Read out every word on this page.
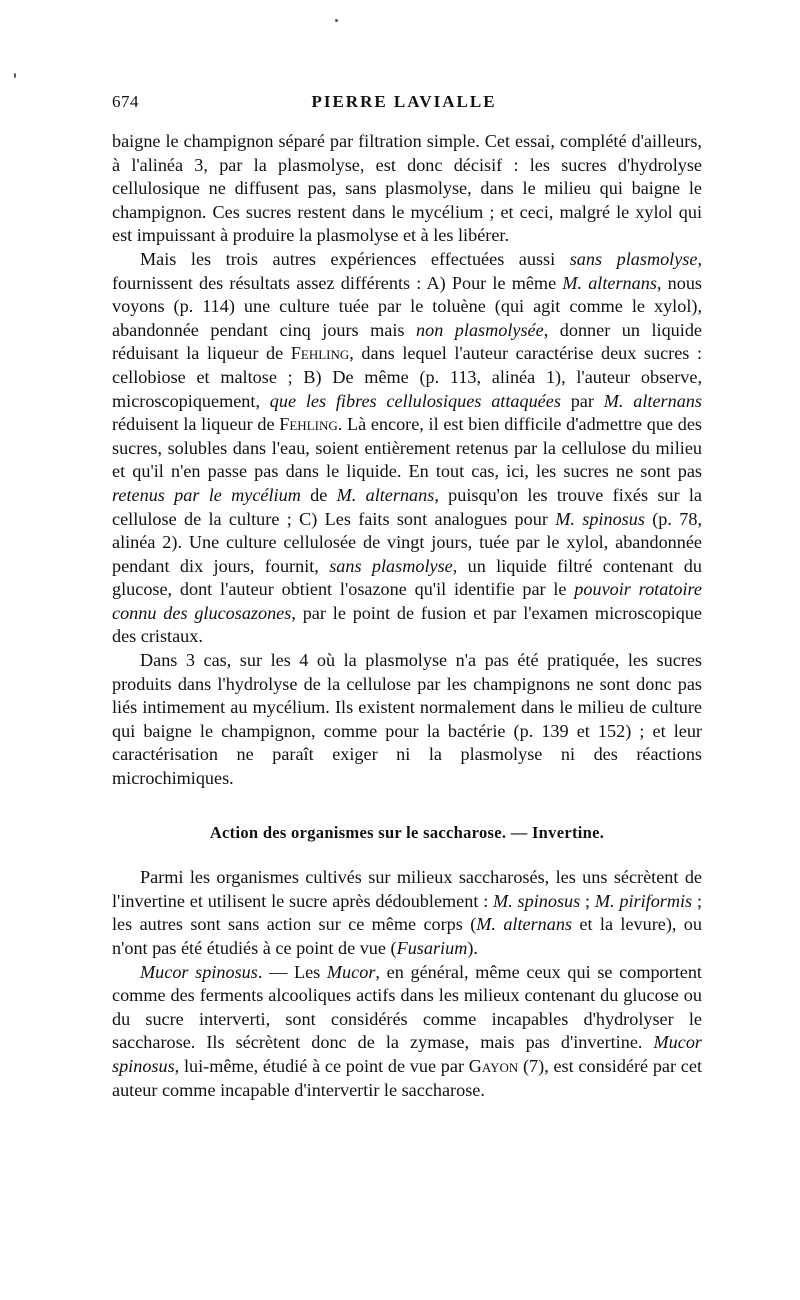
674	PIERRE LAVIALLE

baigne le champignon séparé par filtration simple. Cet essai, complété d'ailleurs, à l'alinéa 3, par la plasmolyse, est donc décisif : les sucres d'hydrolyse cellulosique ne diffusent pas, sans plasmolyse, dans le milieu qui baigne le champignon. Ces sucres restent dans le mycélium ; et ceci, malgré le xylol qui est impuissant à produire la plasmolyse et à les libérer.

Mais les trois autres expériences effectuées aussi sans plasmolyse, fournissent des résultats assez différents : A) Pour le même M. alternans, nous voyons (p. 114) une culture tuée par le toluène (qui agit comme le xylol), abandonnée pendant cinq jours mais non plasmolysée, donner un liquide réduisant la liqueur de Fehling, dans lequel l'auteur caractérise deux sucres : cellobiose et maltose ; B) De même (p. 113, alinéa 1), l'auteur observe, microscopiquement, que les fibres cellulosiques attaquées par M. alternans réduisent la liqueur de Fehling. Là encore, il est bien difficile d'admettre que des sucres, solubles dans l'eau, soient entièrement retenus par la cellulose du milieu et qu'il n'en passe pas dans le liquide. En tout cas, ici, les sucres ne sont pas retenus par le mycélium de M. alternans, puisqu'on les trouve fixés sur la cellulose de la culture ; C) Les faits sont analogues pour M. spinosus (p. 78, alinéa 2). Une culture cellulosée de vingt jours, tuée par le xylol, abandonnée pendant dix jours, fournit, sans plasmolyse, un liquide filtré contenant du glucose, dont l'auteur obtient l'osazone qu'il identifie par le pouvoir rotatoire connu des glucosazones, par le point de fusion et par l'examen microscopique des cristaux.

Dans 3 cas, sur les 4 où la plasmolyse n'a pas été pratiquée, les sucres produits dans l'hydrolyse de la cellulose par les champignons ne sont donc pas liés intimement au mycélium. Ils existent normalement dans le milieu de culture qui baigne le champignon, comme pour la bactérie (p. 139 et 152) ; et leur caractérisation ne paraît exiger ni la plasmolyse ni des réactions microchimiques.

Action des organismes sur le saccharose. — Invertine.

Parmi les organismes cultivés sur milieux saccharosés, les uns sécrètent de l'invertine et utilisent le sucre après dédoublement : M. spinosus ; M. piriformis ; les autres sont sans action sur ce même corps (M. alternans et la levure), ou n'ont pas été étudiés à ce point de vue (Fusarium).

Mucor spinosus. — Les Mucor, en général, même ceux qui se comportent comme des ferments alcooliques actifs dans les milieux contenant du glucose ou du sucre interverti, sont considérés comme incapables d'hydrolyser le saccharose. Ils sécrètent donc de la zymase, mais pas d'invertine. Mucor spinosus, lui-même, étudié à ce point de vue par Gayon (7), est considéré par cet auteur comme incapable d'intervertir le saccharose.
